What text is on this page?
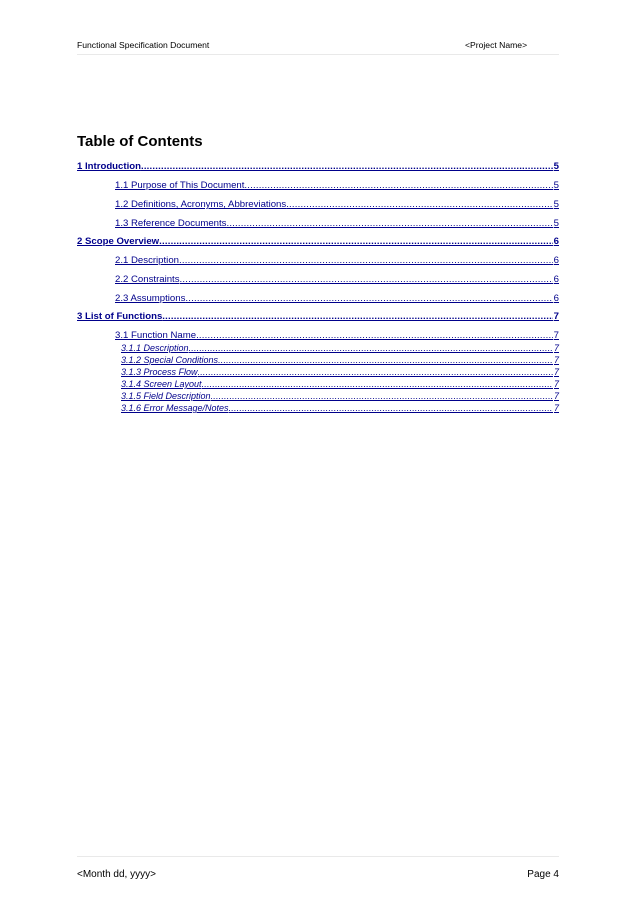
Functional Specification Document	<Project Name>
Table of Contents
1 Introduction .....	5
1.1 Purpose of This Document .....	5
1.2 Definitions, Acronyms, Abbreviations .....	5
1.3 Reference Documents .....	5
2 Scope Overview .....	6
2.1 Description .....	6
2.2 Constraints .....	6
2.3 Assumptions .....	6
3 List of Functions .....	7
3.1 Function Name .....	7
3.1.1 Description .....	7
3.1.2 Special Conditions .....	7
3.1.3 Process Flow .....	7
3.1.4 Screen Layout .....	7
3.1.5 Field Description .....	7
3.1.6 Error Message/Notes .....	7
<Month dd, yyyy>	Page 4
